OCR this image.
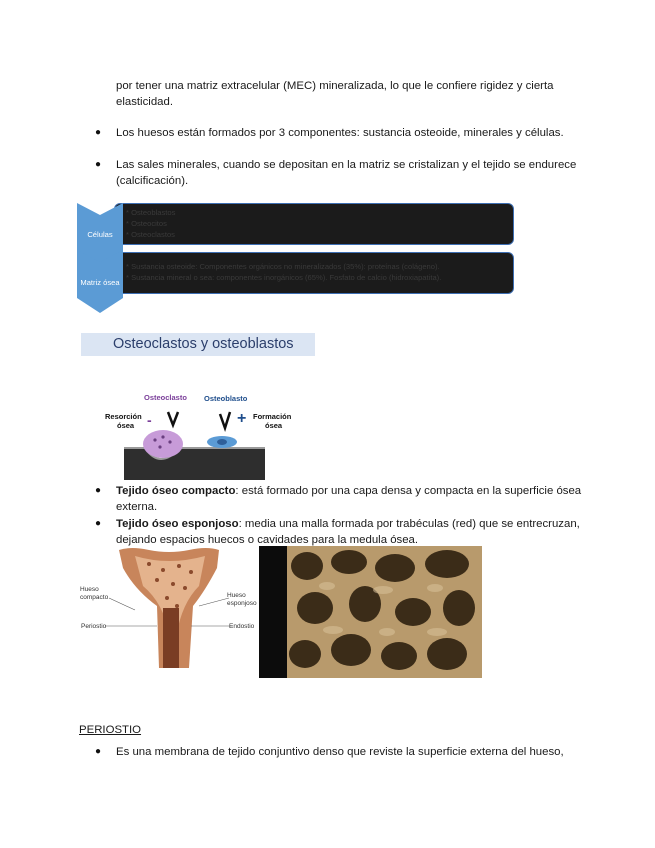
por tener una matriz extracelular (MEC) mineralizada, lo que le confiere rigidez y cierta
elasticidad.
● Los huesos están formados por 3 componentes: sustancia osteoide, minerales y células.
● Las sales minerales, cuando se depositan en la matriz se cristalizan y el tejido se endurece
(calcificación).
* Osteoblastos
* Osteocitos
* Osteoclastos
* Sustancia osteoide: Componentes orgánicos no mineralizados (35%): proteínas (colágeno).
* Sustancia mineral o sea: componentes inorgánicos (65%). Fosfato de calcio (hidroxiapatita).
Células
Matriz ósea
Osteoclastos y osteoblastos
Osteoclasto Osteoblasto
Resorción
ósea
Formación
ósea
-	+
● Tejido óseo compacto: está formado por una capa densa y compacta en la superficie ósea
externa.
● Tejido óseo esponjoso: media una malla formada por trabéculas (red) que se entrecruzan,
dejando espacios huecos o cavidades para la medula ósea.
Hueso
compacto
Periostio
Hueso
esponjoso
Endostio
PERIOSTIO
● Es una membrana de tejido conjuntivo denso que reviste la superficie externa del hueso,
